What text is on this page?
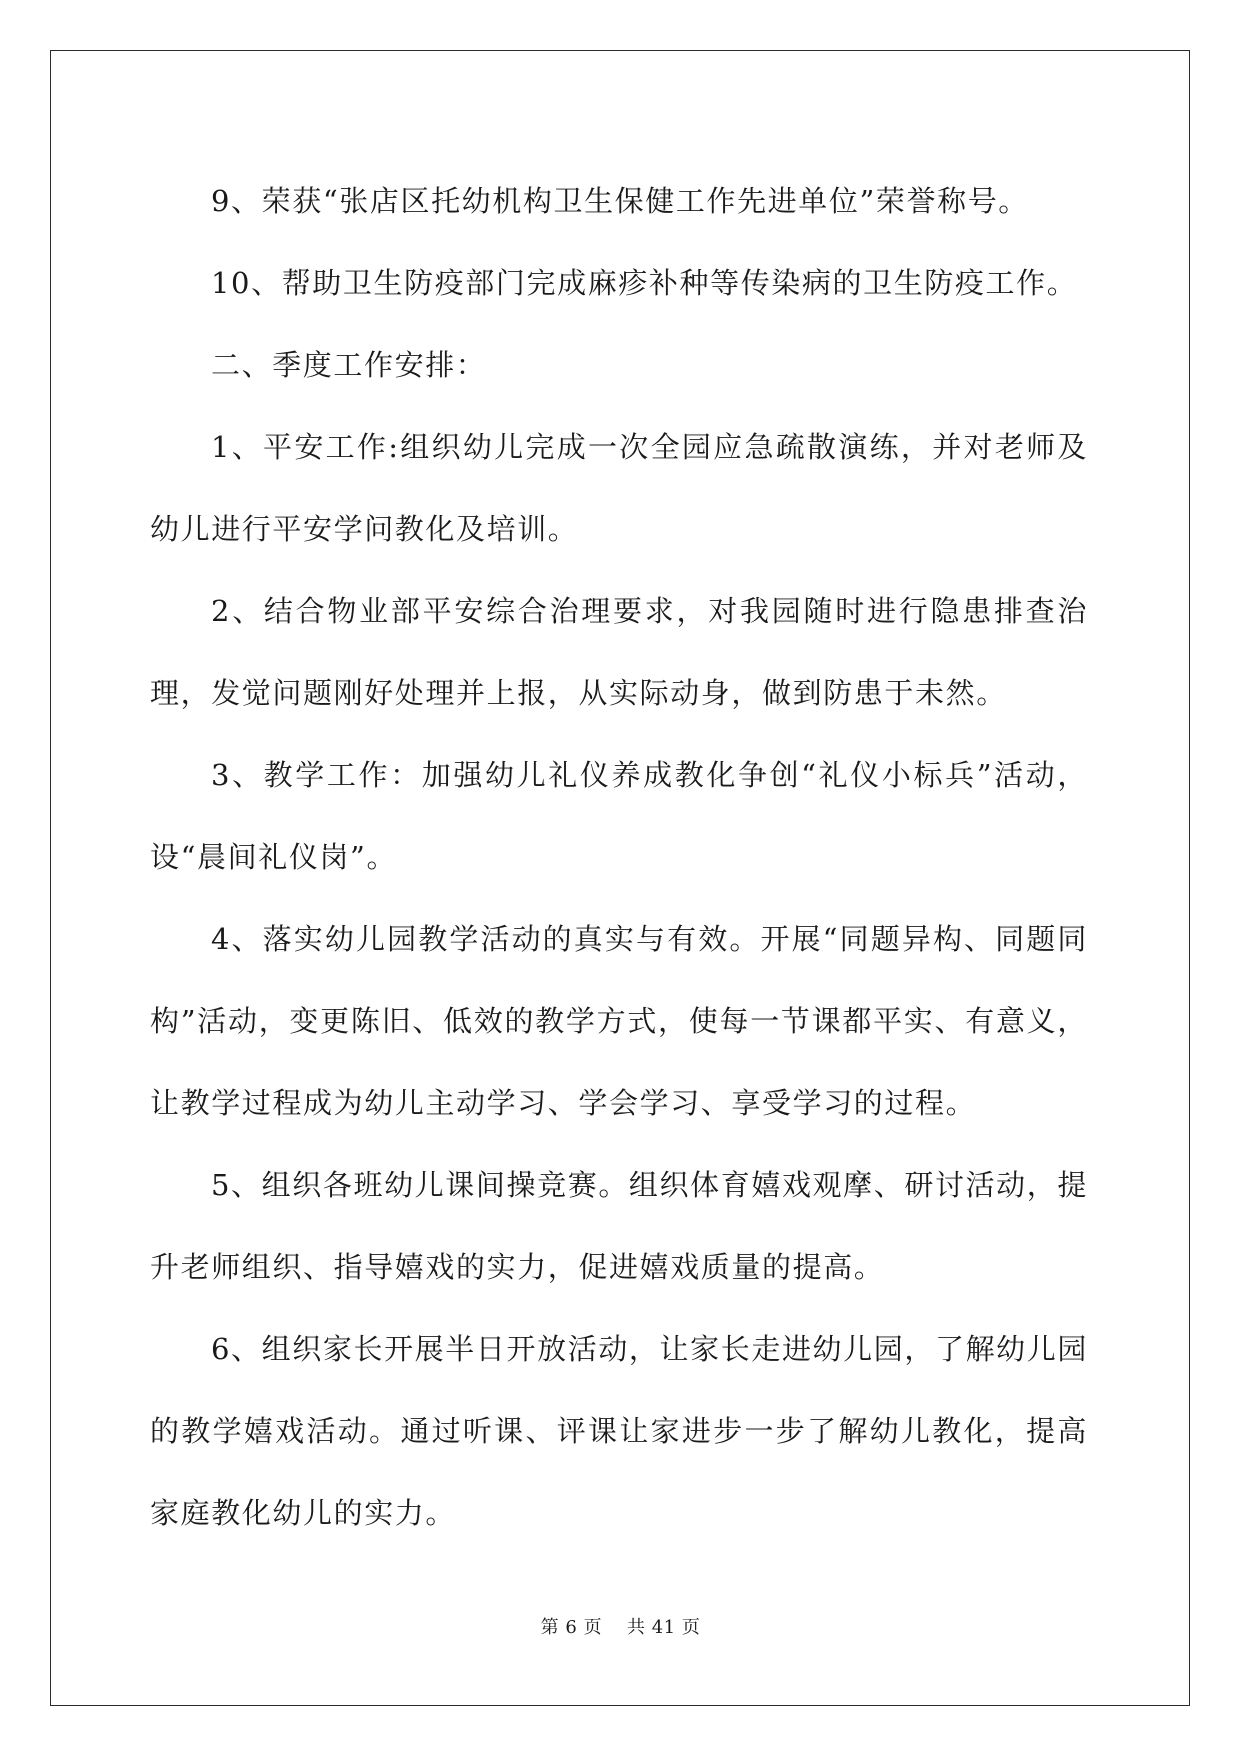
9、荣获“张店区托幼机构卫生保健工作先进单位”荣誉称号。

10、帮助卫生防疫部门完成麻疹补种等传染病的卫生防疫工作。

二、季度工作安排：

1、平安工作:组织幼儿完成一次全园应急疏散演练，并对老师及幼儿进行平安学问教化及培训。

2、结合物业部平安综合治理要求，对我园随时进行隐患排查治理，发觉问题刚好处理并上报，从实际动身，做到防患于未然。

3、教学工作：加强幼儿礼仪养成教化争创“礼仪小标兵”活动，设“晨间礼仪岗”。

4、落实幼儿园教学活动的真实与有效。开展“同题异构、同题同构”活动，变更陈旧、低效的教学方式，使每一节课都平实、有意义，让教学过程成为幼儿主动学习、学会学习、享受学习的过程。

5、组织各班幼儿课间操竞赛。组织体育嬉戏观摩、研讨活动，提升老师组织、指导嬉戏的实力，促进嬉戏质量的提高。

6、组织家长开展半日开放活动，让家长走进幼儿园，了解幼儿园的教学嬉戏活动。通过听课、评课让家进步一步了解幼儿教化，提高家庭教化幼儿的实力。

第 6 页 共 41 页
